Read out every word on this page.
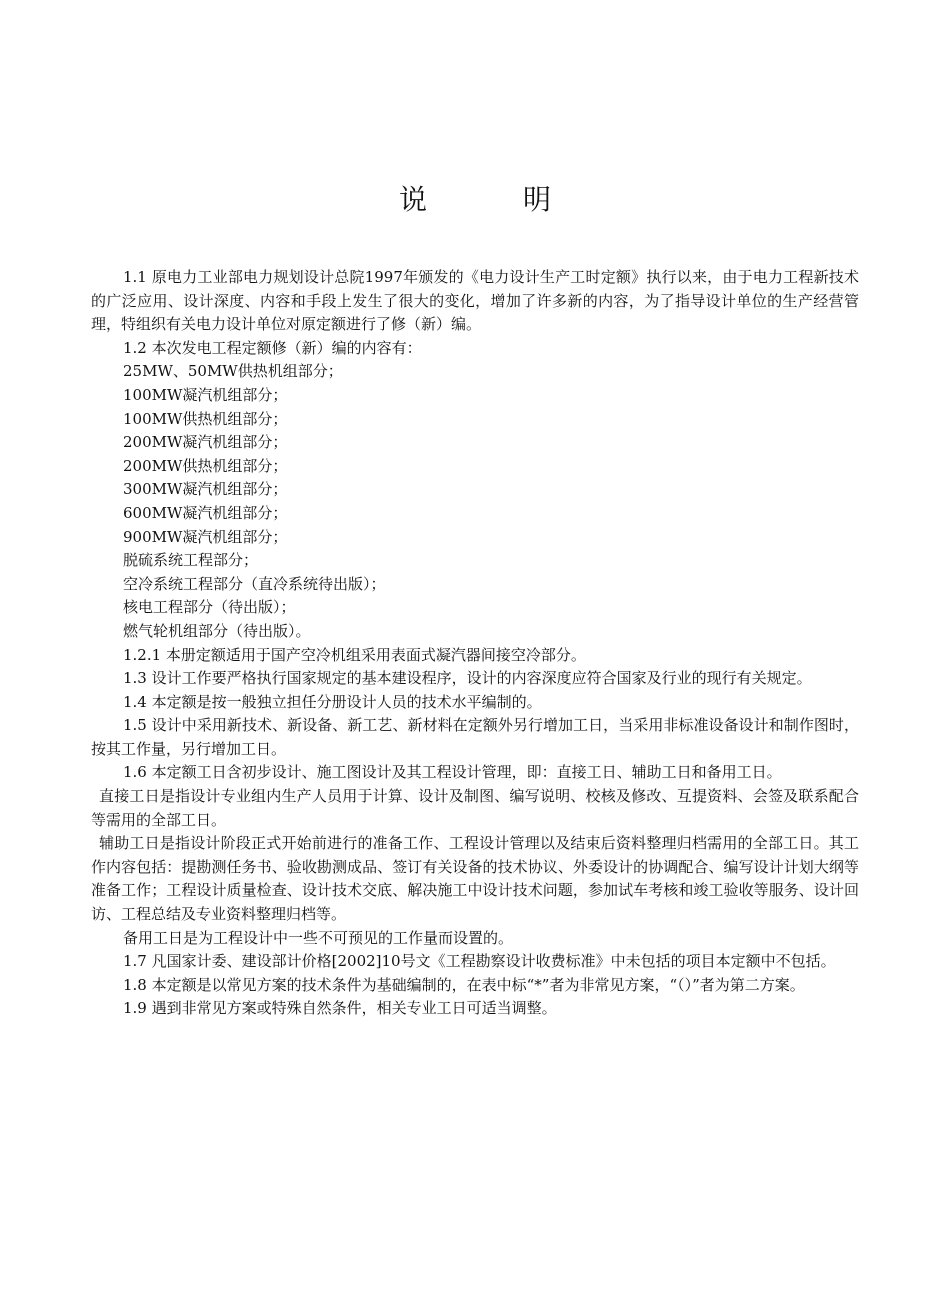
说　明

1.1 原电力工业部电力规划设计总院1997年颁发的《电力设计生产工时定额》执行以来，由于电力工程新技术的广泛应用、设计深度、内容和手段上发生了很大的变化，增加了许多新的内容，为了指导设计单位的生产经营管理，特组织有关电力设计单位对原定额进行了修（新）编。

1.2 本次发电工程定额修（新）编的内容有：

25MW、50MW供热机组部分；

100MW凝汽机组部分；

100MW供热机组部分；

200MW凝汽机组部分；

200MW供热机组部分；

300MW凝汽机组部分；

600MW凝汽机组部分；

900MW凝汽机组部分；

脱硫系统工程部分；

空冷系统工程部分（直冷系统待出版）；

核电工程部分（待出版）；

燃气轮机组部分（待出版）。

1.2.1 本册定额适用于国产空冷机组采用表面式凝汽器间接空冷部分。

1.3 设计工作要严格执行国家规定的基本建设程序，设计的内容深度应符合国家及行业的现行有关规定。

1.4 本定额是按一般独立担任分册设计人员的技术水平编制的。

1.5 设计中采用新技术、新设备、新工艺、新材料在定额外另行增加工日，当采用非标准设备设计和制作图时，按其工作量，另行增加工日。

1.6 本定额工日含初步设计、施工图设计及其工程设计管理，即：直接工日、辅助工日和备用工日。

直接工日是指设计专业组内生产人员用于计算、设计及制图、编写说明、校核及修改、互提资料、会签及联系配合等需用的全部工日。

辅助工日是指设计阶段正式开始前进行的准备工作、工程设计管理以及结束后资料整理归档需用的全部工日。其工作内容包括：提勘测任务书、验收勘测成品、签订有关设备的技术协议、外委设计的协调配合、编写设计计划大纲等准备工作；工程设计质量检查、设计技术交底、解决施工中设计技术问题，参加试车考核和竣工验收等服务、设计回访、工程总结及专业资料整理归档等。

备用工日是为工程设计中一些不可预见的工作量而设置的。

1.7 凡国家计委、建设部计价格[2002]10号文《工程勘察设计收费标准》中未包括的项目本定额中不包括。

1.8 本定额是以常见方案的技术条件为基础编制的，在表中标“*”者为非常见方案，“（）”者为第二方案。

1.9 遇到非常见方案或特殊自然条件，相关专业工日可适当调整。
